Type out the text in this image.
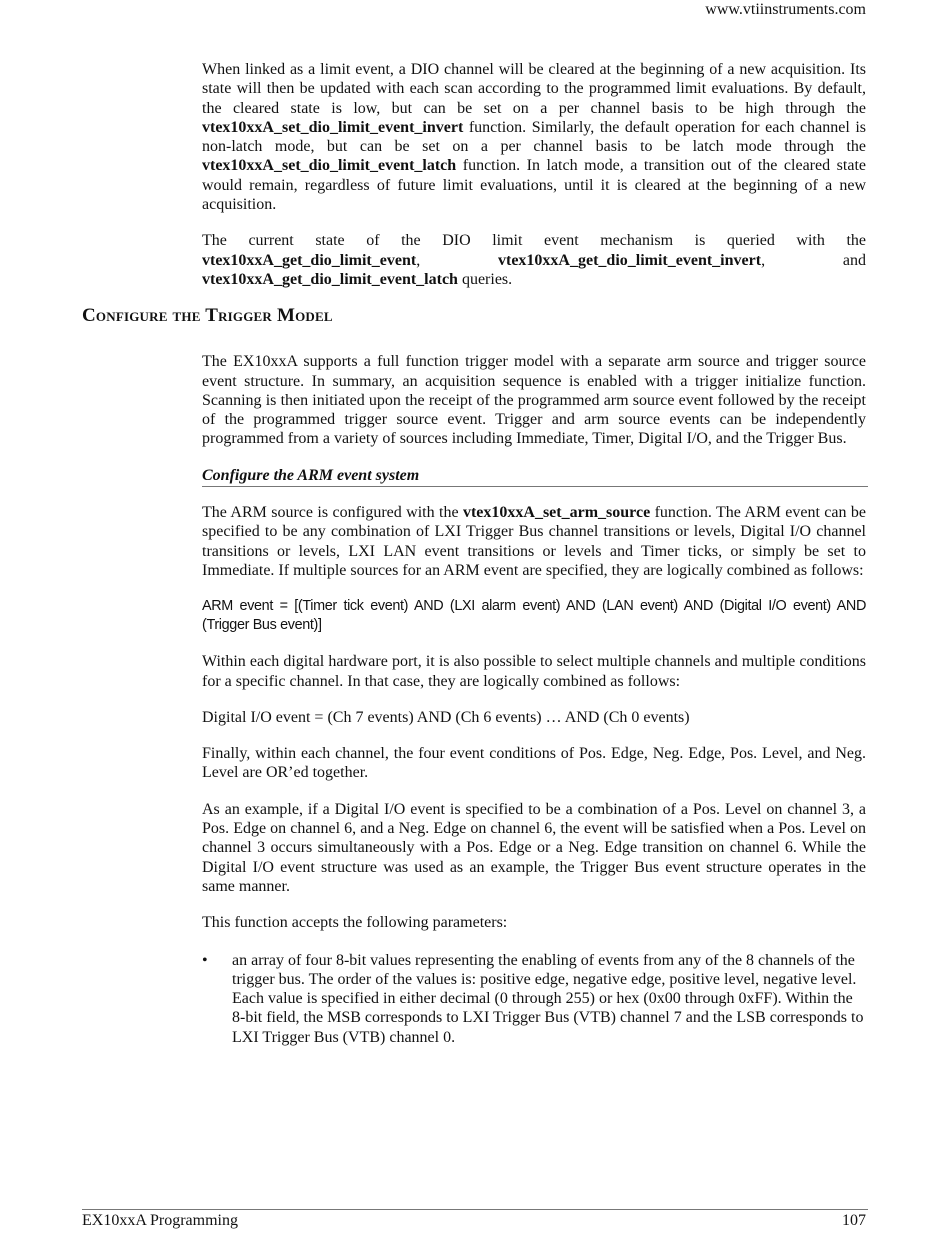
www.vtiinstruments.com
Configure the Trigger Model

When linked as a limit event, a DIO channel will be cleared at the beginning of a new acquisition. Its state will then be updated with each scan according to the programmed limit evaluations. By default, the cleared state is low, but can be set on a per channel basis to be high through the vtex10xxA_set_dio_limit_event_invert function. Similarly, the default operation for each channel is non-latch mode, but can be set on a per channel basis to be latch mode through the vtex10xxA_set_dio_limit_event_latch function. In latch mode, a transition out of the cleared state would remain, regardless of future limit evaluations, until it is cleared at the beginning of a new acquisition.

The current state of the DIO limit event mechanism is queried with the
vtex10xxA_get_dio_limit_event,	vtex10xxA_get_dio_limit_event_invert,	and
vtex10xxA_get_dio_limit_event_latch queries.

The EX10xxA supports a full function trigger model with a separate arm source and trigger source event structure. In summary, an acquisition sequence is enabled with a trigger initialize function. Scanning is then initiated upon the receipt of the programmed arm source event followed by the receipt of the programmed trigger source event. Trigger and arm source events can be independently programmed from a variety of sources including Immediate, Timer, Digital I/O, and the Trigger Bus.

Configure the ARM event system

The ARM source is configured with the vtex10xxA_set_arm_source function. The ARM event can be specified to be any combination of LXI Trigger Bus channel transitions or levels, Digital I/O channel transitions or levels, LXI LAN event transitions or levels and Timer ticks, or simply be set to Immediate. If multiple sources for an ARM event are specified, they are logically combined as follows:

ARM event = [(Timer tick event) AND (LXI alarm event) AND (LAN event) AND (Digital I/O event) AND (Trigger Bus event)]

Within each digital hardware port, it is also possible to select multiple channels and multiple conditions for a specific channel. In that case, they are logically combined as follows:

Digital I/O event = (Ch 7 events) AND (Ch 6 events) … AND (Ch 0 events)

Finally, within each channel, the four event conditions of Pos. Edge, Neg. Edge, Pos. Level, and Neg. Level are OR’ed together.

As an example, if a Digital I/O event is specified to be a combination of a Pos. Level on channel 3, a Pos. Edge on channel 6, and a Neg. Edge on channel 6, the event will be satisfied when a Pos. Level on channel 3 occurs simultaneously with a Pos. Edge or a Neg. Edge transition on channel 6. While the Digital I/O event structure was used as an example, the Trigger Bus event structure operates in the same manner.

This function accepts the following parameters:

• an array of four 8-bit values representing the enabling of events from any of the 8 channels of the trigger bus. The order of the values is: positive edge, negative edge, positive level, negative level. Each value is specified in either decimal (0 through 255) or hex (0x00 through 0xFF). Within the 8-bit field, the MSB corresponds to LXI Trigger Bus (VTB) channel 7 and the LSB corresponds to LXI Trigger Bus (VTB) channel 0.
EX10xxA Programming	107
